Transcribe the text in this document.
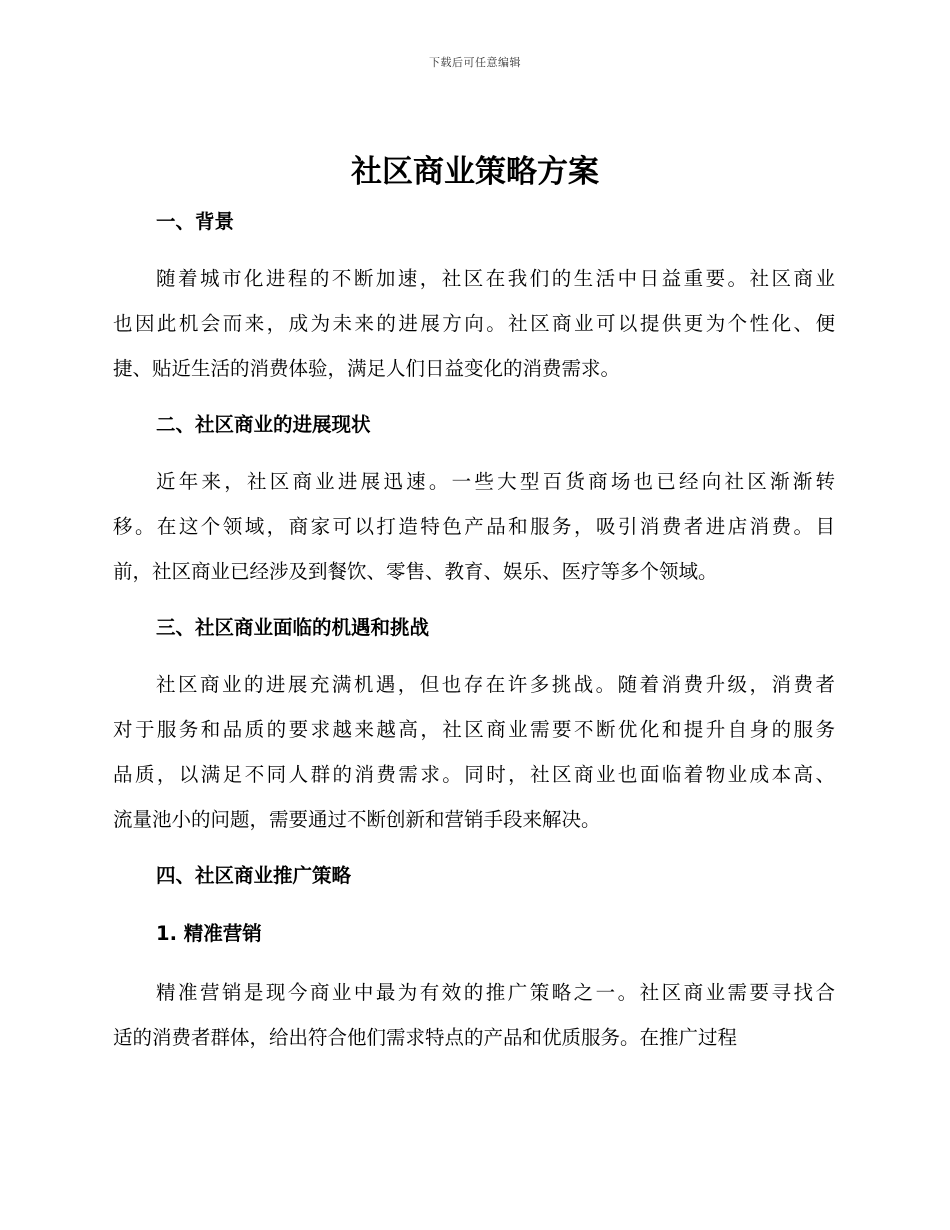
下载后可任意编辑
社区商业策略方案
一、背景
随着城市化进程的不断加速，社区在我们的生活中日益重要。社区商业
也因此机会而来，成为未来的进展方向。社区商业可以提供更为个性化、便
捷、贴近生活的消费体验，满足人们日益变化的消费需求。
二、社区商业的进展现状
近年来，社区商业进展迅速。一些大型百货商场也已经向社区渐渐转
移。在这个领域，商家可以打造特色产品和服务，吸引消费者进店消费。目
前，社区商业已经涉及到餐饮、零售、教育、娱乐、医疗等多个领域。
三、社区商业面临的机遇和挑战
社区商业的进展充满机遇，但也存在许多挑战。随着消费升级，消费者
对于服务和品质的要求越来越高，社区商业需要不断优化和提升自身的服务
品质，以满足不同人群的消费需求。同时，社区商业也面临着物业成本高、
流量池小的问题，需要通过不断创新和营销手段来解决。
四、社区商业推广策略
1. 精准营销
精准营销是现今商业中最为有效的推广策略之一。社区商业需要寻找合
适的消费者群体，给出符合他们需求特点的产品和优质服务。在推广过程
